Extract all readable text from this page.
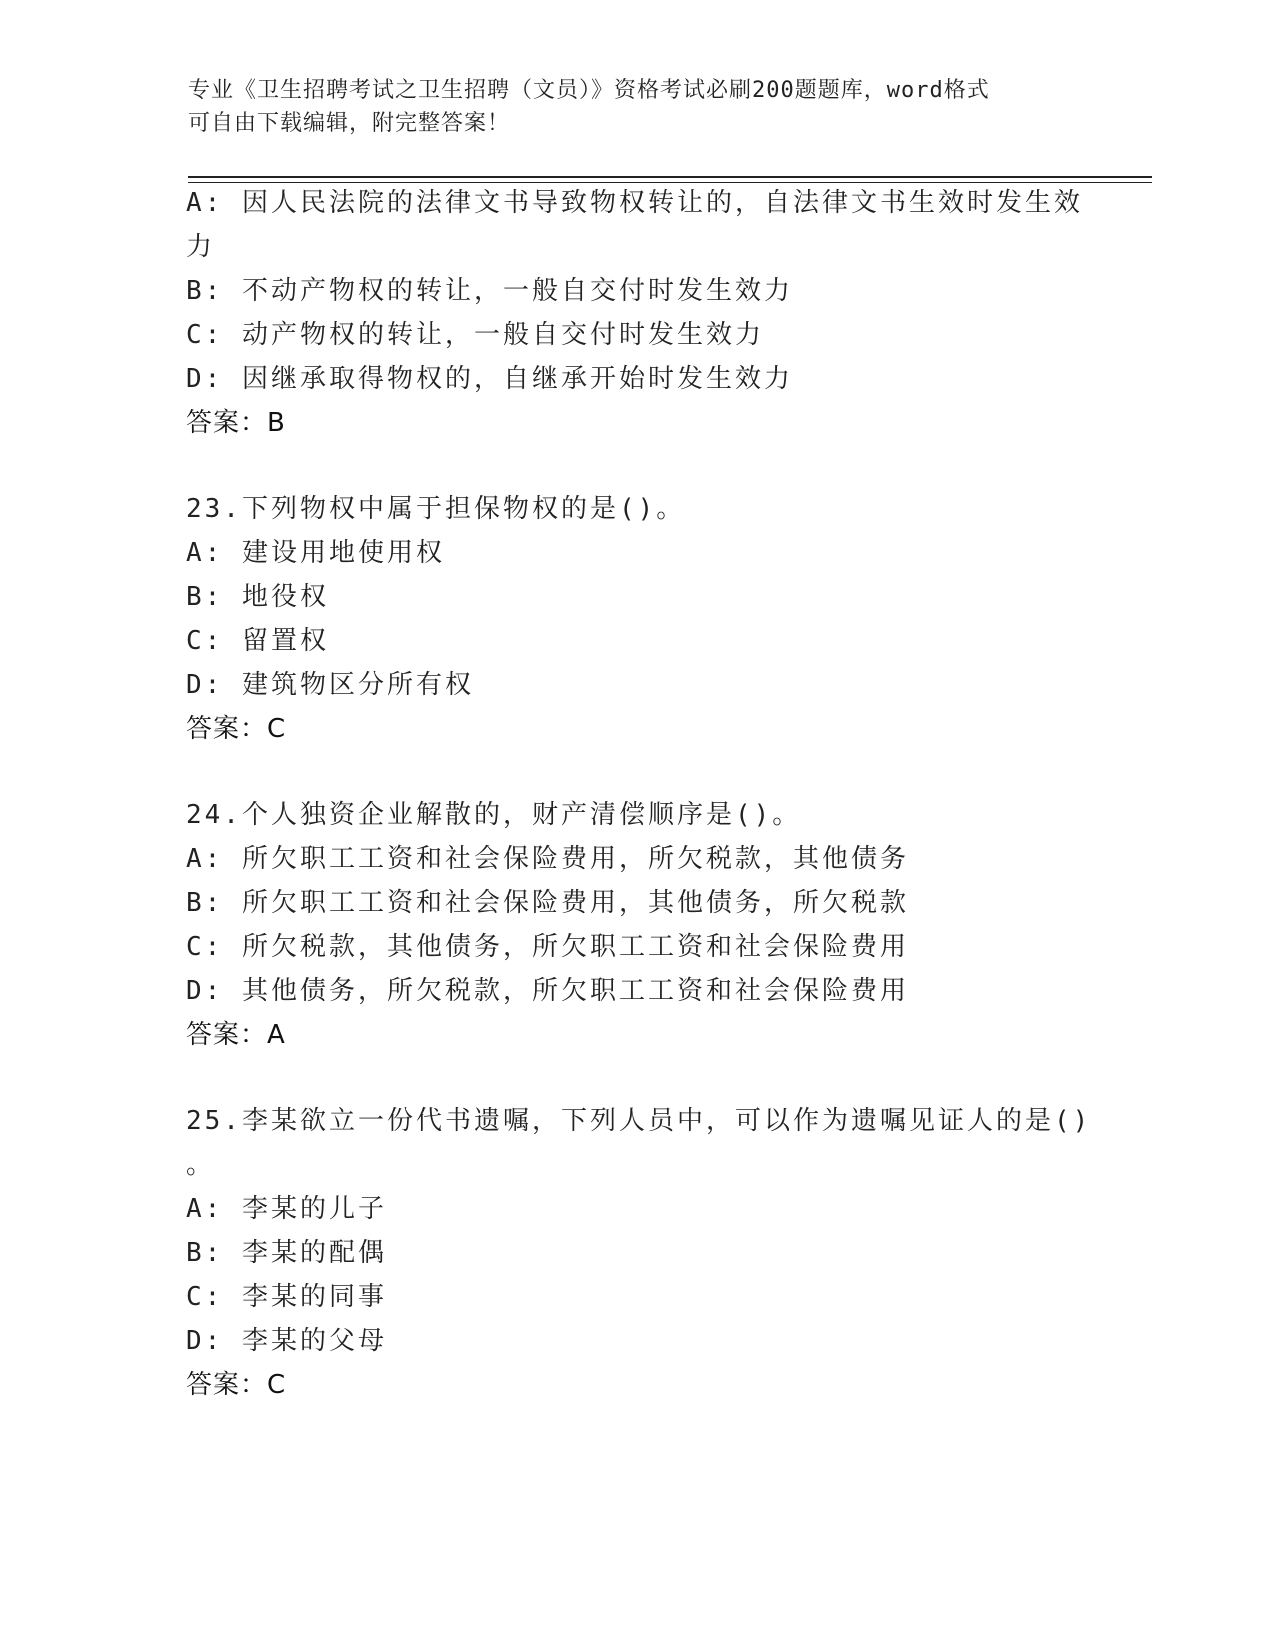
专业《卫生招聘考试之卫生招聘（文员）》资格考试必刷200题题库，word格式
可自由下载编辑，附完整答案！
A: 因人民法院的法律文书导致物权转让的，自法律文书生效时发生效
力
B: 不动产物权的转让，一般自交付时发生效力
C: 动产物权的转让，一般自交付时发生效力
D: 因继承取得物权的，自继承开始时发生效力
答案：B
23.下列物权中属于担保物权的是()。
A: 建设用地使用权
B: 地役权
C: 留置权
D: 建筑物区分所有权
答案：C
24.个人独资企业解散的，财产清偿顺序是()。
A: 所欠职工工资和社会保险费用，所欠税款，其他债务
B: 所欠职工工资和社会保险费用，其他债务，所欠税款
C: 所欠税款，其他债务，所欠职工工资和社会保险费用
D: 其他债务，所欠税款，所欠职工工资和社会保险费用
答案：A
25.李某欲立一份代书遗嘱，下列人员中，可以作为遗嘱见证人的是()
。
A: 李某的儿子
B: 李某的配偶
C: 李某的同事
D: 李某的父母
答案：C
